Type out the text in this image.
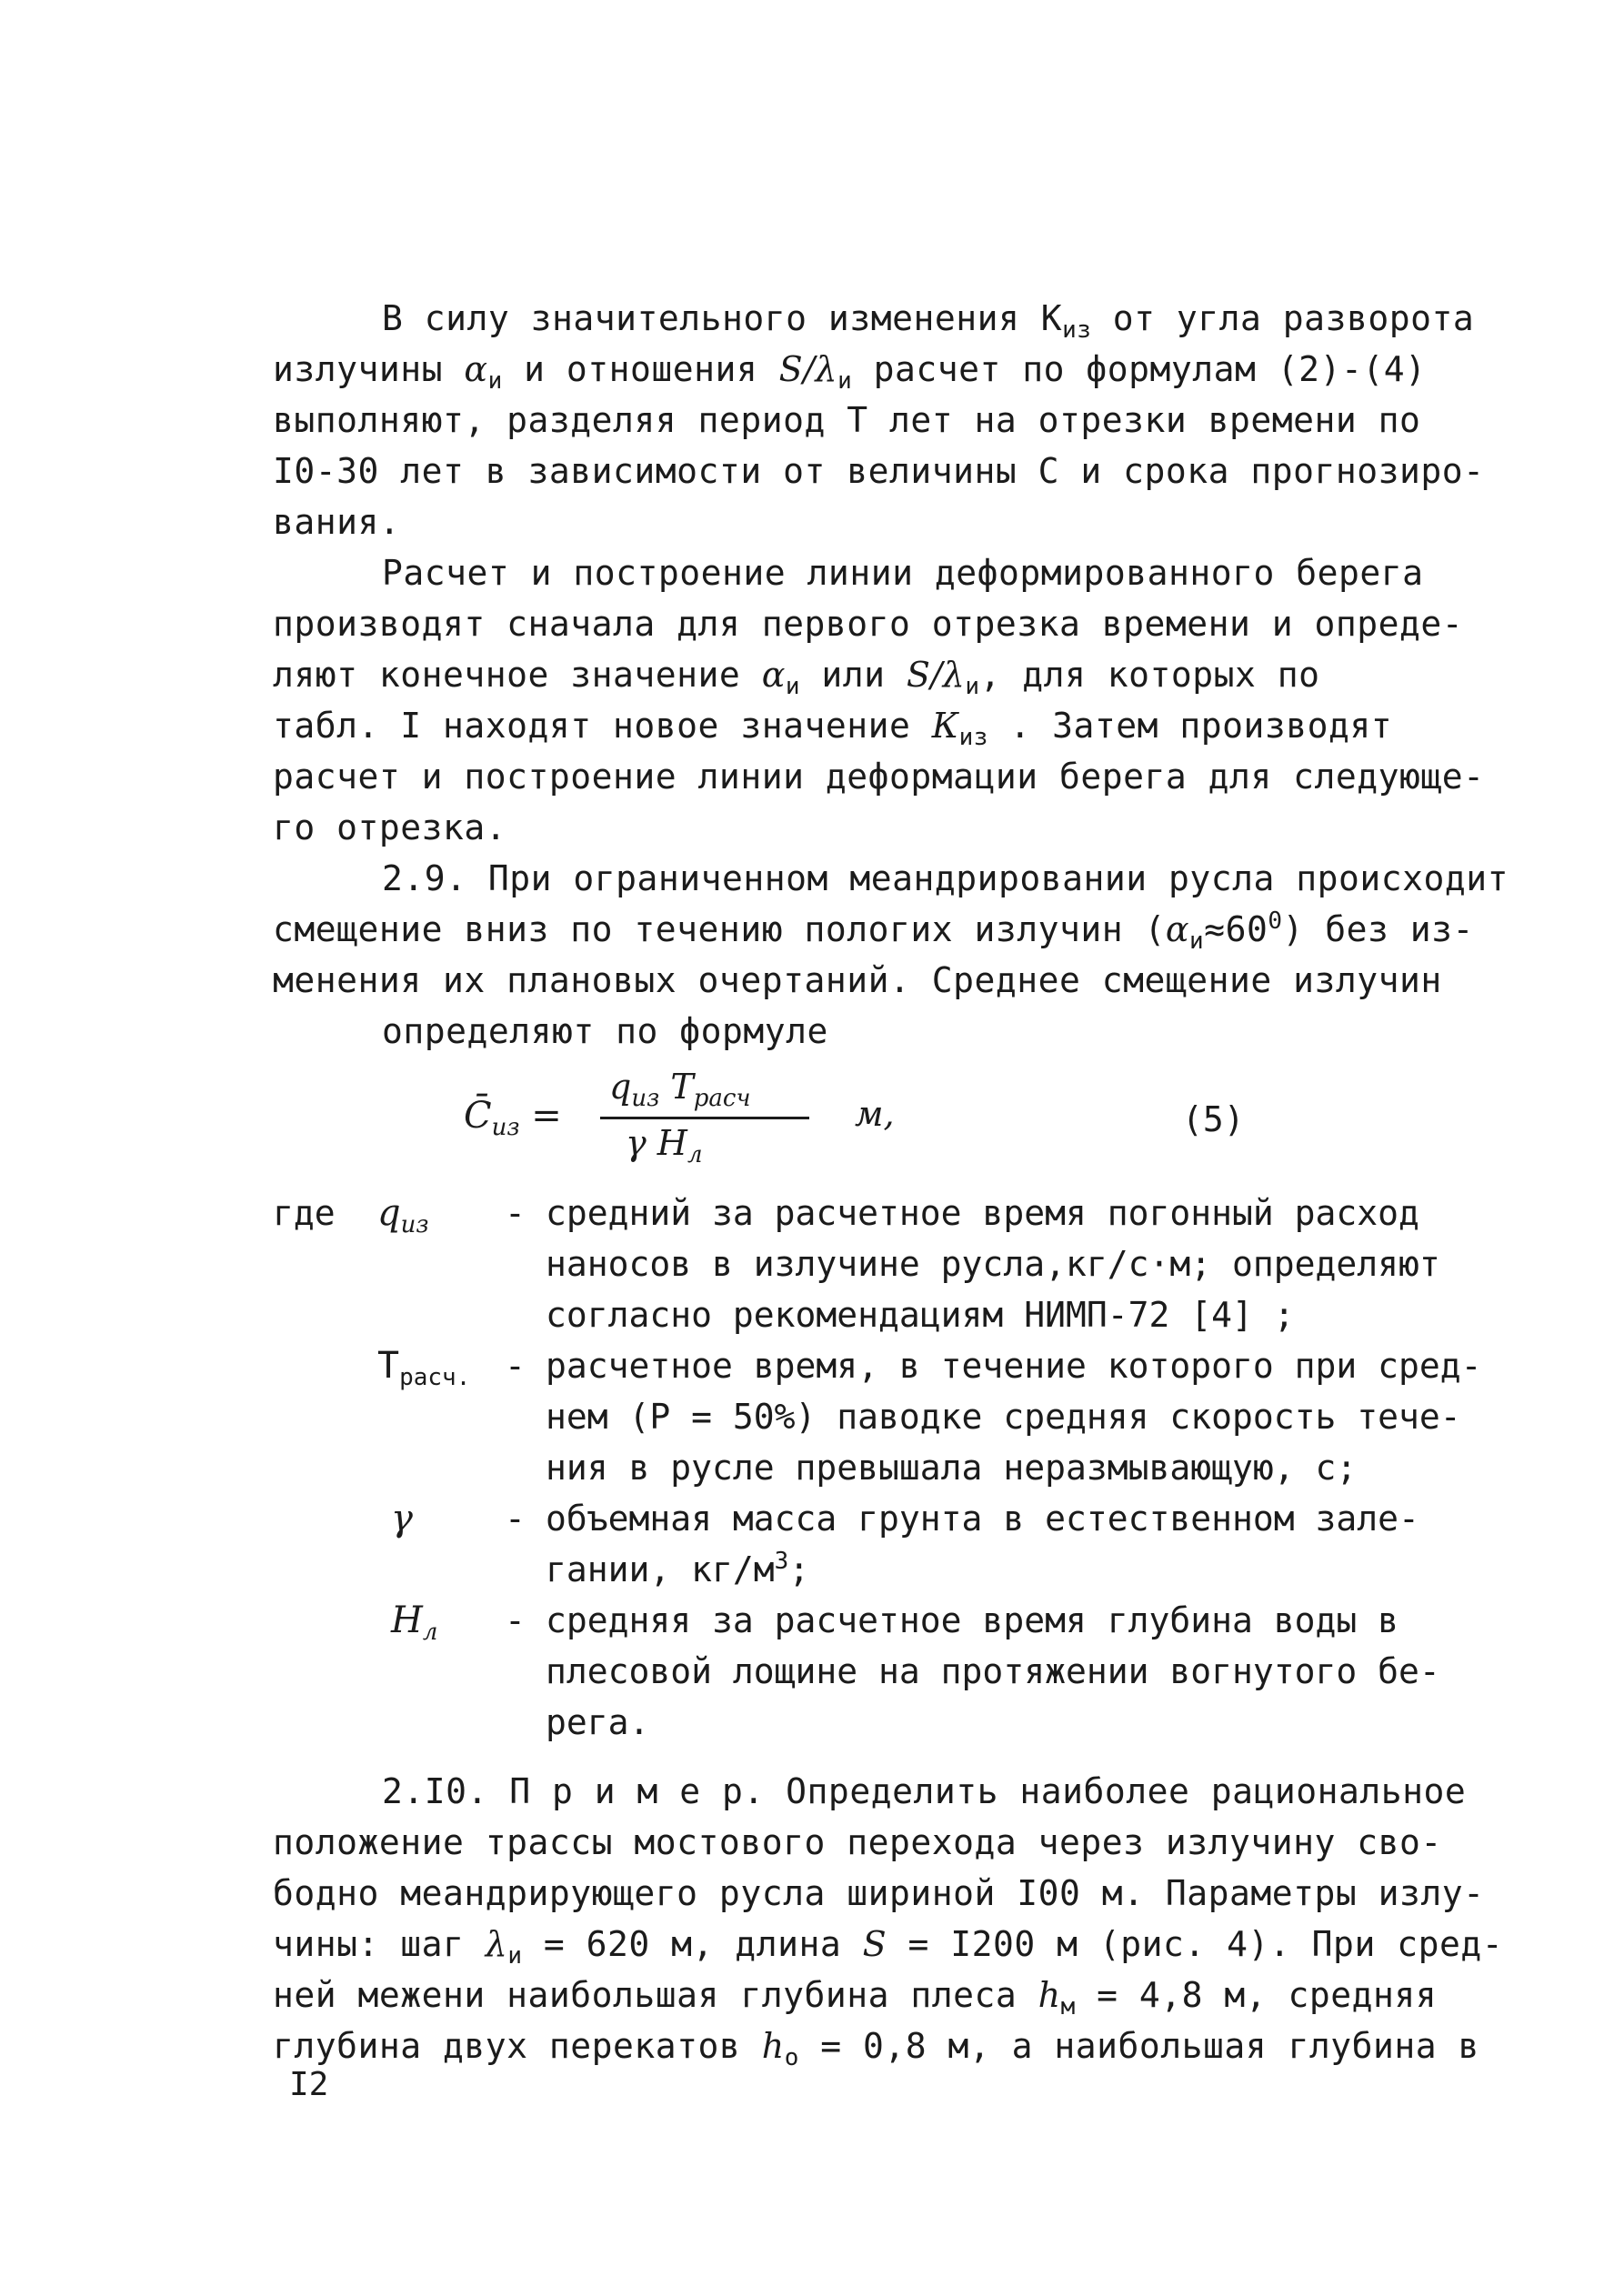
В силу значительного изменения $К_{из}$ от угла разворота
излучины $\alpha_и$ и отношения $S/\lambda_и$ расчет по формулам (2)-(4)
выполняют, разделяя период Т лет на отрезки времени по
I0-30 лет в зависимости от величины С и срока прогнозиро-
вания.
Расчет и построение линии деформированного берега
производят сначала для первого отрезка времени и опреде-
ляют конечное значение $\alpha_и$ или $S/\lambda_и$, для которых по
табл. I находят новое значение $К_{из}$ . Затем производят
расчет и построение линии деформации берега для следующе-
го отрезка.
2.9. При ограниченном меандрировании русла происходит
смещение вниз по течению пологих излучин $(\alpha_и\approx 60^0)$ без из-
менения их плановых очертаний. Среднее смещение излучин
определяют по формуле
$C̄_{из}$ =
$q_{из}$ $T_{расч}$
γ $H_л$
м,	(5)
где $q_{из}$	- средний за расчетное время погонный расход
наносов в излучине русла,кг/с·м; определяют
согласно рекомендациям НИМП-72 [4] ;
$Т_{расч.}$ - расчетное время, в течение которого при сред-
нем (Р = 50%) паводке средняя скорость тече-
ния в русле превышала неразмывающую, с;
γ	- объемная масса грунта в естественном зале-
гании, $кг/м^3$;
$Н_л$	- средняя за расчетное время глубина воды в
плесовой лощине на протяжении вогнутого бе-
рега.
2.I0. П р и м е р. Определить наиболее рациональное
положение трассы мостового перехода через излучину сво-
бодно меандрирующего русла шириной I00 м. Параметры излу-
чины: шаг $\lambda_и = 620$ м, длина S = I200 м (рис. 4). При сред-
ней межени наибольшая глубина плеса $h_м = 4,8$ м, средняя
глубина двух перекатов $h_о = 0,8$ м, а наибольшая глубина в
I2
